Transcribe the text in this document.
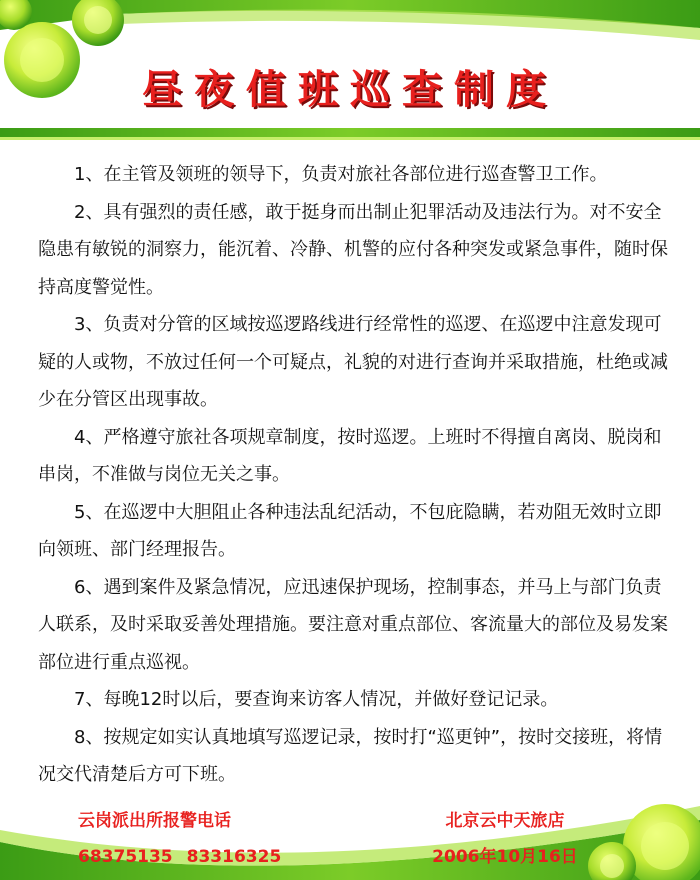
昼夜值班巡查制度

1、在主管及领班的领导下，负责对旅社各部位进行巡查警卫工作。

2、具有强烈的责任感，敢于挺身而出制止犯罪活动及违法行为。对不安全隐患有敏锐的洞察力，能沉着、冷静、机警的应付各种突发或紧急事件，随时保持高度警觉性。

3、负责对分管的区域按巡逻路线进行经常性的巡逻、在巡逻中注意发现可疑的人或物，不放过任何一个可疑点，礼貌的对进行查询并采取措施，杜绝或减少在分管区出现事故。

4、严格遵守旅社各项规章制度，按时巡逻。上班时不得擅自离岗、脱岗和串岗，不准做与岗位无关之事。

5、在巡逻中大胆阻止各种违法乱纪活动，不包庇隐瞒，若劝阻无效时立即向领班、部门经理报告。

6、遇到案件及紧急情况，应迅速保护现场，控制事态，并马上与部门负责人联系，及时采取妥善处理措施。要注意对重点部位、客流量大的部位及易发案部位进行重点巡视。

7、每晚12时以后，要查询来访客人情况，并做好登记记录。

8、按规定如实认真地填写巡逻记录，按时打“巡更钟”，按时交接班，将情况交代清楚后方可下班。

云岗派出所报警电话
68375135 83316325
北京云中天旅店
2006年10月16日
